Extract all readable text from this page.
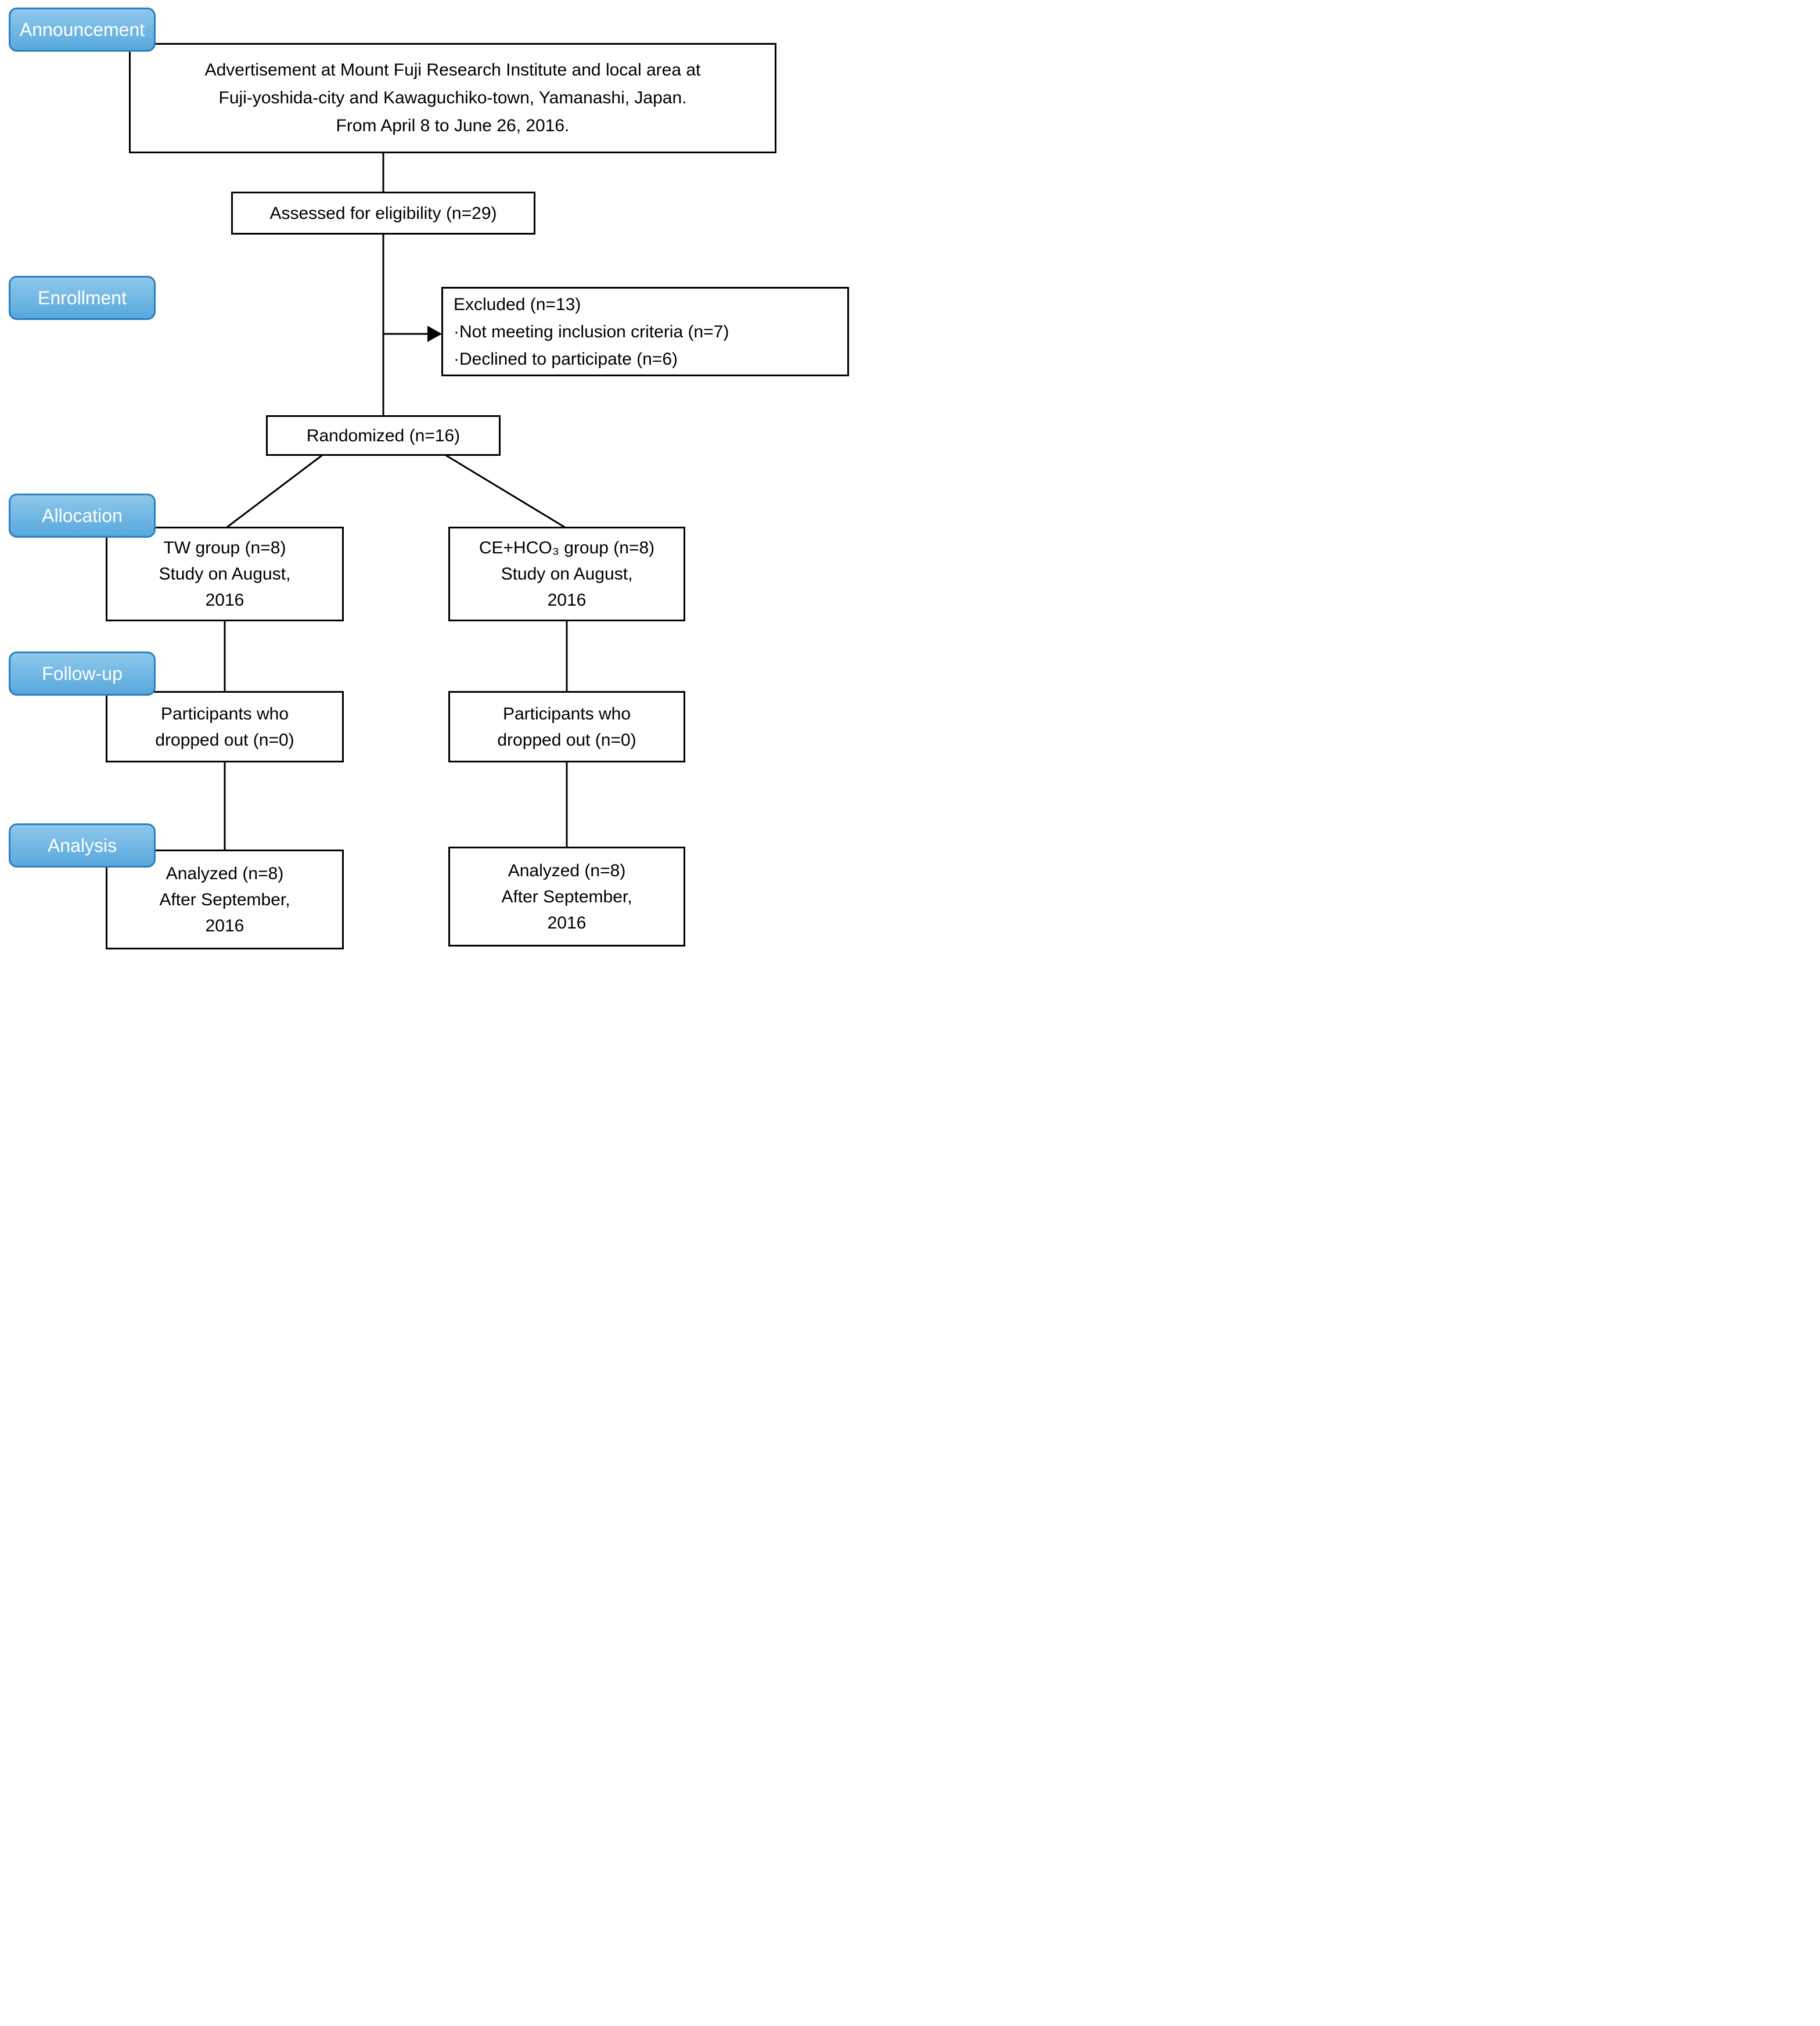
Advertisement at Mount Fuji Research Institute and local area at
Fuji-yoshida-city and Kawaguchiko-town, Yamanashi, Japan.
From April 8 to June 26, 2016.
Assessed for eligibility (n=29)
Excluded (n=13)
·Not meeting inclusion criteria (n=7)
·Declined to participate (n=6)
Randomized (n=16)
TW group (n=8)
Study on August,
2016
CE+HCO₃ group (n=8)
Study on August,
2016
Participants who
dropped out (n=0)
Participants who
dropped out (n=0)
Analyzed (n=8)
After September,
2016
Analyzed (n=8)
After September,
2016
Announcement
Enrollment
Allocation
Follow-up
Analysis
